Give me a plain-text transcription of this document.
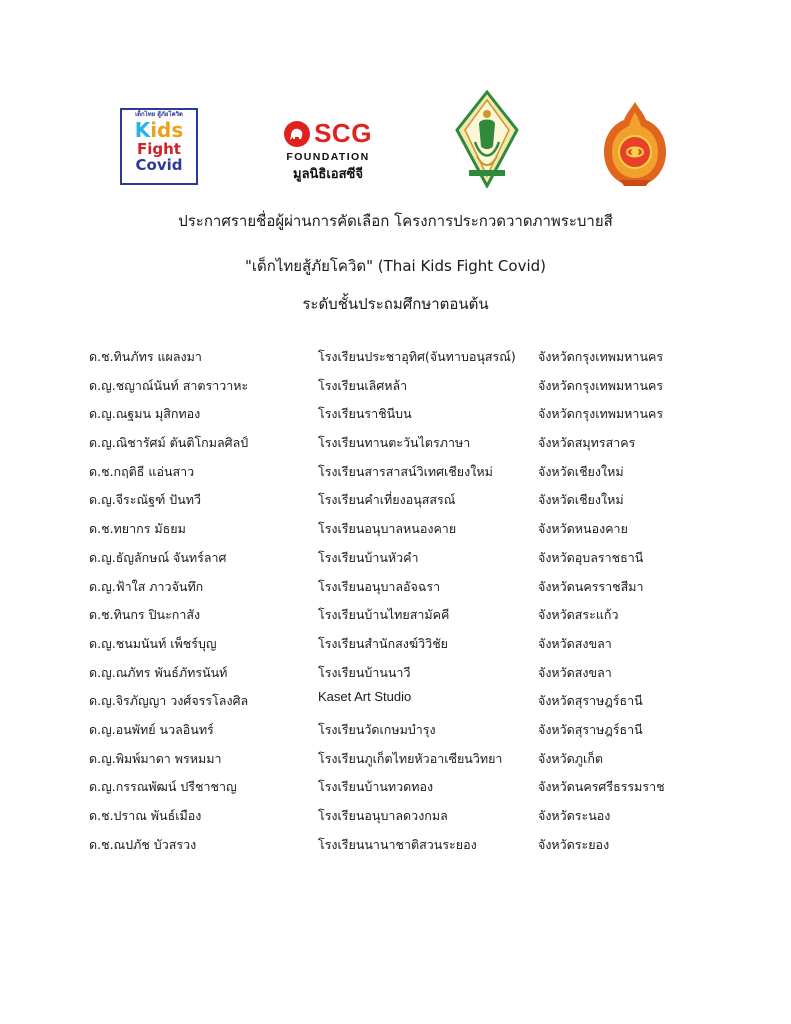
เด็กไทย สู้ภัยโควิด
Kids
Fight
Covid
SCG
FOUNDATION
มูลนิธิเอสซีจี
ประกาศรายชื่อผู้ผ่านการคัดเลือก โครงการประกวดวาดภาพระบายสี
"เด็กไทยสู้ภัยโควิด" (Thai Kids Fight Covid)
ระดับชั้นประถมศึกษาตอนต้น
ด.ช.ทินภัทร แผลงมา	โรงเรียนประชาอุทิศ(จันทาบอนุสรณ์) จังหวัดกรุงเทพมหานคร
ด.ญ.ชญาณ์นันท์ สาตราวาหะ	โรงเรียนเลิศหล้า	จังหวัดกรุงเทพมหานคร
ด.ญ.ณฐมน มุสิกทอง	โรงเรียนราชินีบน	จังหวัดกรุงเทพมหานคร
ด.ญ.ณิชารัศม์ ตันติโกมลศิลป์	โรงเรียนทานตะวันไตรภาษา	จังหวัดสมุทรสาคร
ด.ช.กฤติธี แอ่นสาว	โรงเรียนสารสาสน์วิเทศเชียงใหม่	จังหวัดเชียงใหม่
ด.ญ.จีระณัฐฑ์ ปันทวี	โรงเรียนคำเที่ยงอนุสสรณ์	จังหวัดเชียงใหม่
ด.ช.ทยากร มัธยม	โรงเรียนอนุบาลหนองคาย	จังหวัดหนองคาย
ด.ญ.ธัญลักษณ์ จันทร์ลาศ	โรงเรียนบ้านหัวคำ	จังหวัดอุบลราชธานี
ด.ญ.ฟ้าใส ภาวจันทึก	โรงเรียนอนุบาลอัจฉรา	จังหวัดนครราชสีมา
ด.ช.ทินกร ปินะกาสัง	โรงเรียนบ้านไทยสามัคคี	จังหวัดสระแก้ว
ด.ญ.ชนมนันท์ เพ็ชร์บุญ	โรงเรียนสำนักสงฆ์วิวิชัย	จังหวัดสงขลา
ด.ญ.ณภัทร พันธ์ภัทรนันท์	โรงเรียนบ้านนาวี	จังหวัดสงขลา
ด.ญ.จิรภัญญา วงศ์จรรโลงศิล	Kaset Art Studio	จังหวัดสุราษฎร์ธานี
ด.ญ.อนพัทย์ นวลอินทร์	โรงเรียนวัดเกษมบำรุง	จังหวัดสุราษฎร์ธานี
ด.ญ.พิมพ์มาดา พรหมมา	โรงเรียนภูเก็ตไทยหัวอาเซียนวิทยา	จังหวัดภูเก็ต
ด.ญ.กรรณพัฒน์ ปรีชาชาญ	โรงเรียนบ้านทวดทอง	จังหวัดนครศรีธรรมราช
ด.ช.ปราณ พันธ์เมือง	โรงเรียนอนุบาลดวงกมล	จังหวัดระนอง
ด.ช.ณปภัช บัวสรวง	โรงเรียนนานาชาติสวนระยอง	จังหวัดระยอง
